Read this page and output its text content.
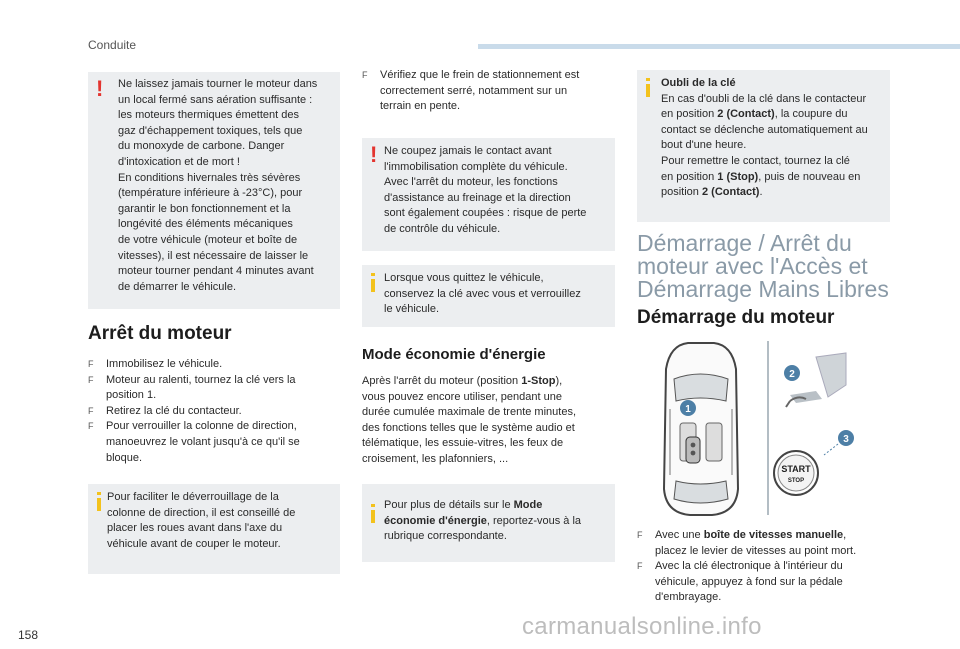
Conduite
! Ne laissez jamais tourner le moteur dans

un local fermé sans aération suffisante :

les moteurs thermiques émettent des

gaz d'échappement toxiques, tels que

du monoxyde de carbone. Danger

d'intoxication et de mort !

En conditions hivernales très sévères

(température inférieure à -23°C), pour

garantir le bon fonctionnement et la

longévité des éléments mécaniques

de votre véhicule (moteur et boîte de

vitesses), il est nécessaire de laisser le

moteur tourner pendant 4 minutes avant

de démarrer le véhicule.

Arrêt du moteur
F Immobilisez le véhicule.
F Moteur au ralenti, tournez la clé vers la
position 1.
F Retirez la clé du contacteur.
F Pour verrouiller la colonne de direction,
manoeuvrez le volant jusqu'à ce qu'il se
bloque.

Pour faciliter le déverrouillage de la

colonne de direction, il est conseillé de

placer les roues avant dans l'axe du

véhicule avant de couper le moteur.

F Vérifiez que le frein de stationnement est
correctement serré, notamment sur un
terrain en pente.
! Ne coupez jamais le contact avant

l'immobilisation complète du véhicule.

Avec l'arrêt du moteur, les fonctions

d'assistance au freinage et la direction

sont également coupées : risque de perte

de contrôle du véhicule.

Lorsque vous quittez le véhicule,

conservez la clé avec vous et verrouillez

le véhicule.

Mode économie d'énergie
Après l'arrêt du moteur (position 1-Stop),
vous pouvez encore utiliser, pendant une
durée cumulée maximale de trente minutes,
des fonctions telles que le système audio et
télématique, les essuie-vitres, les feux de
croisement, les plafonniers, ...

Pour plus de détails sur le Mode

économie d'énergie, reportez-vous à la

rubrique correspondante.

Oubli de la clé

En cas d'oubli de la clé dans le contacteur

en position 2 (Contact), la coupure du

contact se déclenche automatiquement au

bout d'une heure.

Pour remettre le contact, tournez la clé

en position 1 (Stop), puis de nouveau en

position 2 (Contact).

Démarrage / Arrêt du
moteur avec l'Accès et
Démarrage Mains Libres
Démarrage du moteur
1
2
START
STOP
3
F Avec une boîte de vitesses manuelle,
placez le levier de vitesses au point mort.
F Avec la clé électronique à l'intérieur du
véhicule, appuyez à fond sur la pédale
d'embrayage.
158	carmanualsonline.info
